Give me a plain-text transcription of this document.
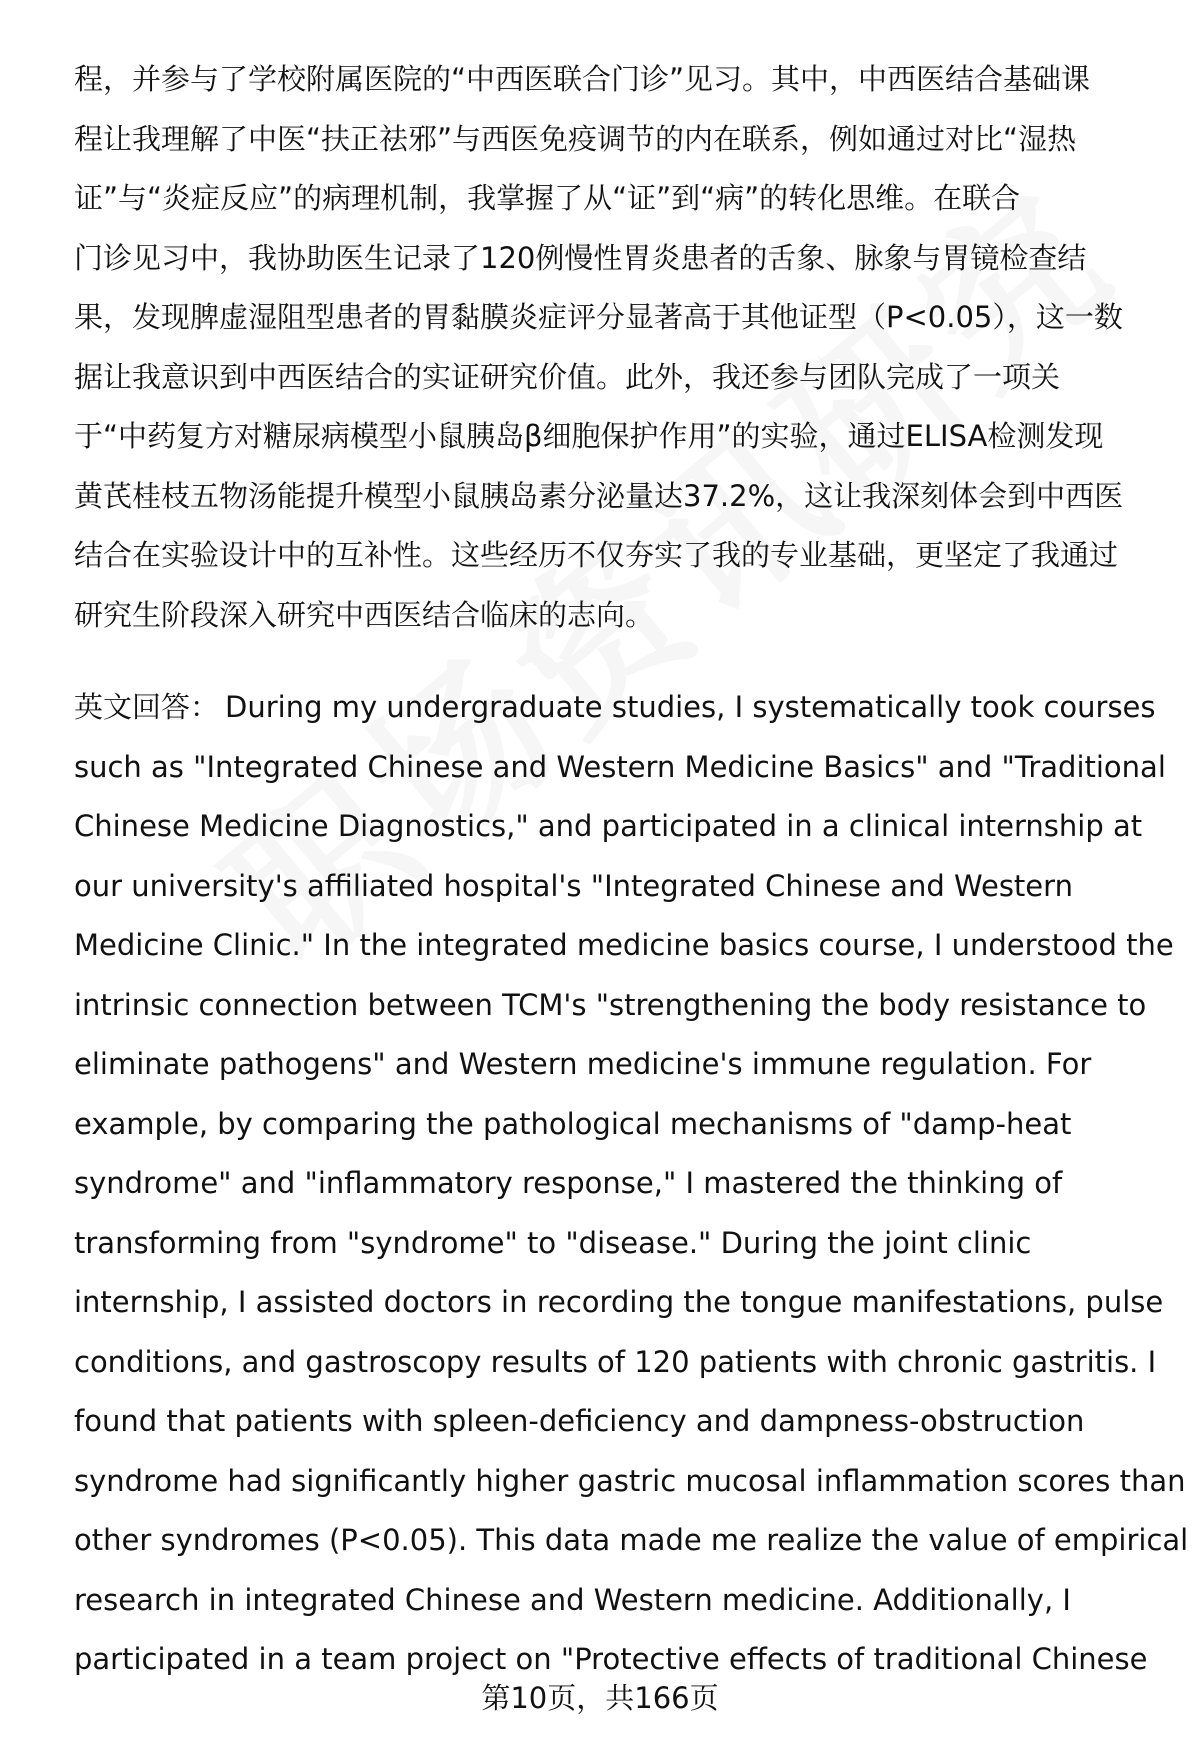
程，并参与了学校附属医院的“中西医联合门诊”见习。其中，中西医结合基础课
程让我理解了中医“扶正祛邪”与西医免疫调节的内在联系，例如通过对比“湿热
证”与“炎症反应”的病理机制，我掌握了从“证”到“病”的转化思维。在联合
门诊见习中，我协助医生记录了120例慢性胃炎患者的舌象、脉象与胃镜检查结
果，发现脾虚湿阻型患者的胃黏膜炎症评分显著高于其他证型（P<0.05），这一数
据让我意识到中西医结合的实证研究价值。此外，我还参与团队完成了一项关
于“中药复方对糖尿病模型小鼠胰岛β细胞保护作用”的实验，通过ELISA检测发现
黄芪桂枝五物汤能提升模型小鼠胰岛素分泌量达37.2%，这让我深刻体会到中西医
结合在实验设计中的互补性。这些经历不仅夯实了我的专业基础，更坚定了我通过
研究生阶段深入研究中西医结合临床的志向。
英文回答： During my undergraduate studies, I systematically took courses
such as "Integrated Chinese and Western Medicine Basics" and "Traditional
Chinese Medicine Diagnostics," and participated in a clinical internship at
our university's affiliated hospital's "Integrated Chinese and Western
Medicine Clinic." In the integrated medicine basics course, I understood the
intrinsic connection between TCM's "strengthening the body resistance to
eliminate pathogens" and Western medicine's immune regulation. For
example, by comparing the pathological mechanisms of "damp-heat
syndrome" and "inflammatory response," I mastered the thinking of
transforming from "syndrome" to "disease." During the joint clinic
internship, I assisted doctors in recording the tongue manifestations, pulse
conditions, and gastroscopy results of 120 patients with chronic gastritis. I
found that patients with spleen-deficiency and dampness-obstruction
syndrome had significantly higher gastric mucosal inflammation scores than
other syndromes (P<0.05). This data made me realize the value of empirical
research in integrated Chinese and Western medicine. Additionally, I
participated in a team project on "Protective effects of traditional Chinese
第10页，共166页
